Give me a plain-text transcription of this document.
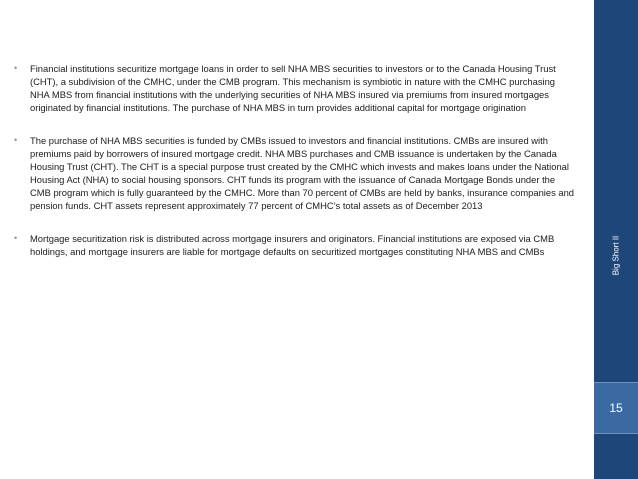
• Financial institutions securitize mortgage loans in order to sell NHA MBS securities to investors or to the Canada Housing Trust (CHT), a subdivision of the CMHC, under the CMB program. This mechanism is symbiotic in nature with the CMHC purchasing NHA MBS from financial institutions with the underlying securities of NHA MBS insured via premiums from insured mortgages originated by financial institutions. The purchase of NHA MBS in turn provides additional capital for mortgage origination

• The purchase of NHA MBS securities is funded by CMBs issued to investors and financial institutions. CMBs are insured with premiums paid by borrowers of insured mortgage credit. NHA MBS purchases and CMB issuance is undertaken by the Canada Housing Trust (CHT). The CHT is a special purpose trust created by the CMHC which invests and makes loans under the National Housing Act (NHA) to social housing sponsors. CHT funds its program with the issuance of Canada Mortgage Bonds under the CMB program which is fully guaranteed by the CMHC. More than 70 percent of CMBs are held by banks, insurance companies and pension funds. CHT assets represent approximately 77 percent of CMHC’s total assets as of December 2013

• Mortgage securitization risk is distributed across mortgage insurers and originators. Financial institutions are exposed via CMB holdings, and mortgage insurers are liable for mortgage defaults on securitized mortgages constituting NHA MBS and CMBs	Big Short II
15
